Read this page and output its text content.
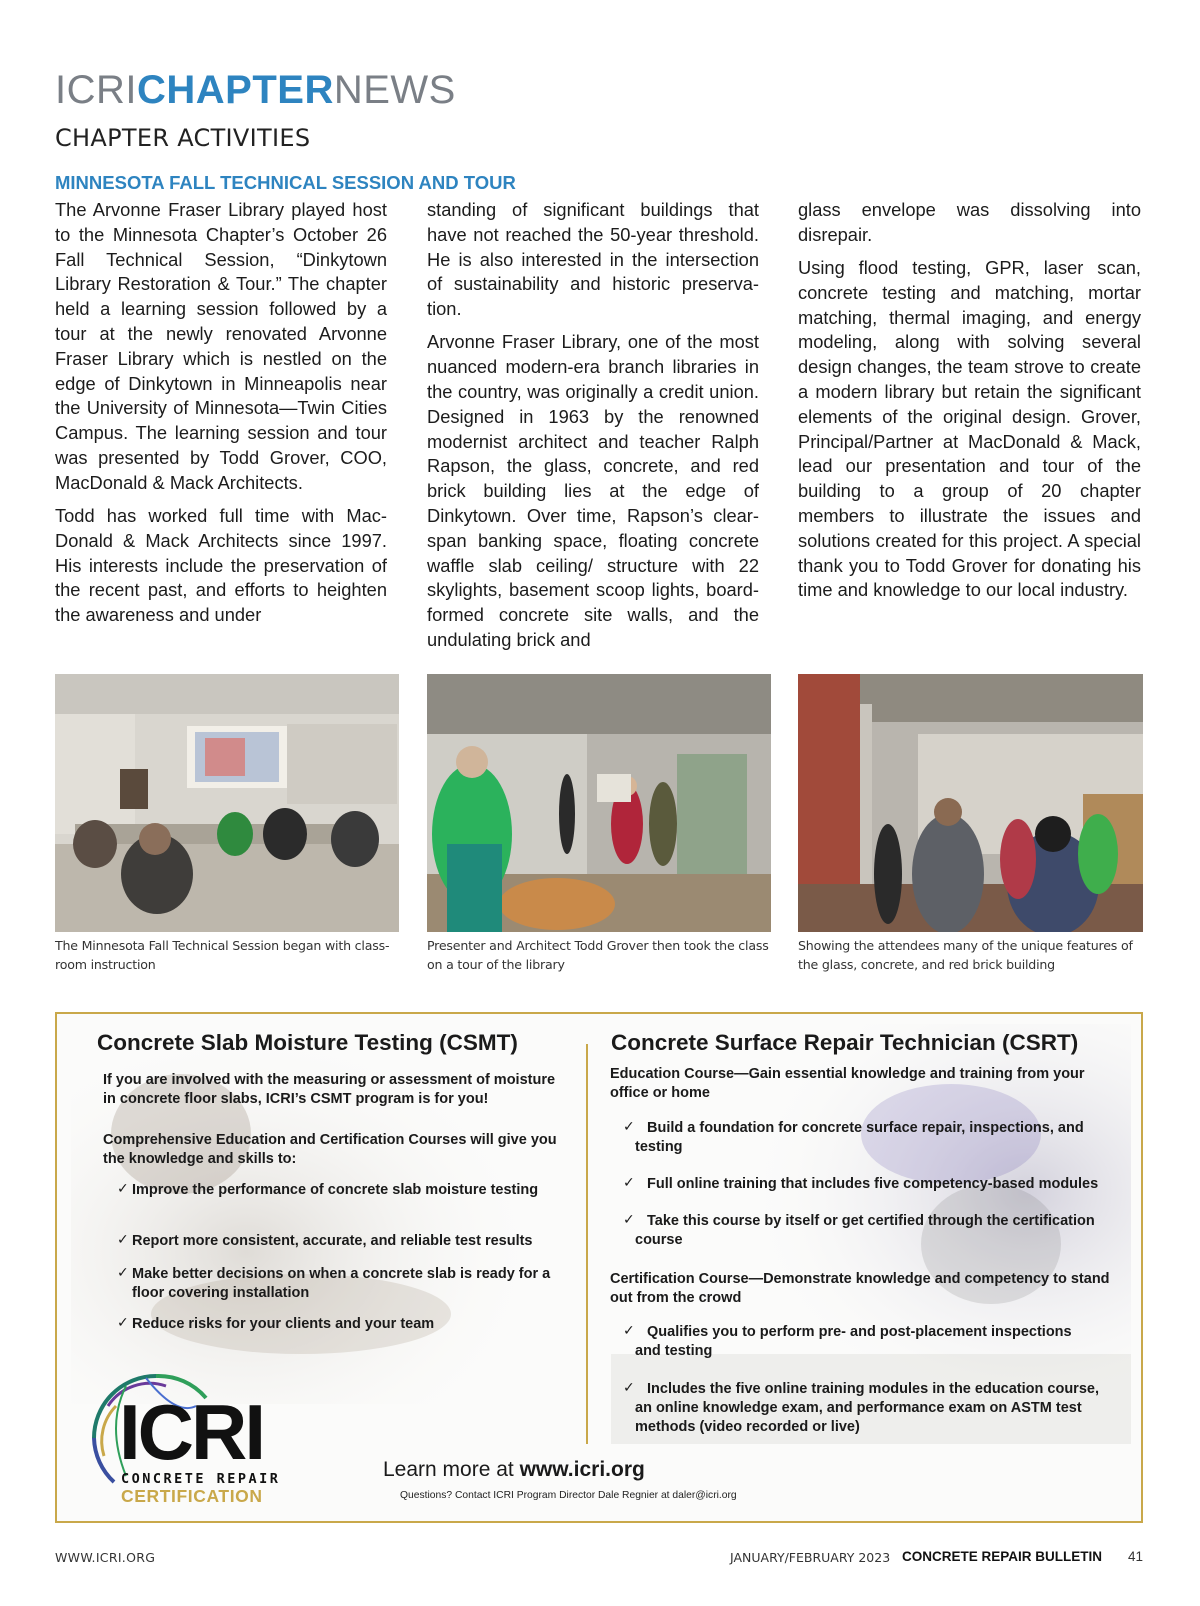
ICRICHAPTERNEWS
CHAPTER ACTIVITIES
MINNESOTA FALL TECHNICAL SESSION AND TOUR

The Arvonne Fraser Library played host to the Minnesota Chapter’s October 26 Fall Technical Session, “Dinkytown Library Restoration & Tour.” The chapter held a learning session followed by a tour at the newly renovated Arvonne Fraser Library which is nestled on the edge of Dinkytown in Minneapolis near the University of Minnesota—Twin Cities Campus. The learning session and tour was presented by Todd Grover, COO, MacDonald & Mack Architects.

Todd has worked full time with MacDonald & Mack Architects since 1997. His interests include the preservation of the recent past, and efforts to heighten the awareness and under

standing of significant buildings that have not reached the 50-year threshold. He is also interested in the intersection of sustainability and historic preservation.

Arvonne Fraser Library, one of the most nuanced modern-era branch libraries in the country, was originally a credit union. Designed in 1963 by the renowned modernist architect and teacher Ralph Rapson, the glass, concrete, and red brick building lies at the edge of Dinkytown. Over time, Rapson’s clear-span banking space, floating concrete waffle slab ceiling/ structure with 22 skylights, basement scoop lights, board-formed concrete site walls, and the undulating brick and

glass envelope was dissolving into disrepair.

Using flood testing, GPR, laser scan, concrete testing and matching, mortar matching, thermal imaging, and energy modeling, along with solving several design changes, the team strove to create a modern library but retain the significant elements of the original design. Grover, Principal/Partner at MacDonald & Mack, lead our presentation and tour of the building to a group of 20 chapter members to illustrate the issues and solutions created for this project. A special thank you to Todd Grover for donating his time and knowledge to our local industry.

The Minnesota Fall Technical Session began with classroom instruction
Presenter and Architect Todd Grover then took the class on a tour of the library
Showing the attendees many of the unique features of the glass, concrete, and red brick building
Concrete Slab Moisture Testing (CSMT)
If you are involved with the measuring or assessment of moisture in concrete floor slabs, ICRI’s CSMT program is for you!
Comprehensive Education and Certification Courses will give you the knowledge and skills to:
✓ Improve the performance of concrete slab moisture testing
✓ Report more consistent, accurate, and reliable test results
✓ Make better decisions on when a concrete slab is ready for a floor covering installation
✓ Reduce risks for your clients and your team
Concrete Surface Repair Technician (CSRT)
Education Course—Gain essential knowledge and training from your office or home
✓ Build a foundation for concrete surface repair, inspections, and testing
✓ Full online training that includes five competency-based modules
✓ Take this course by itself or get certified through the certification course
Certification Course—Demonstrate knowledge and competency to stand out from the crowd
✓ Qualifies you to perform pre- and post-placement inspections and testing
✓ Includes the five online training modules in the education course, an online knowledge exam, and performance exam on ASTM test methods (video recorded or live)
Learn more at www.icri.org
Questions? Contact ICRI Program Director Dale Regnier at daler@icri.org
ICRI
CONCRETE REPAIR
CERTIFICATION
WWW.ICRI.ORG	JANUARY/FEBRUARY 2023 CONCRETE REPAIR BULLETIN 41
